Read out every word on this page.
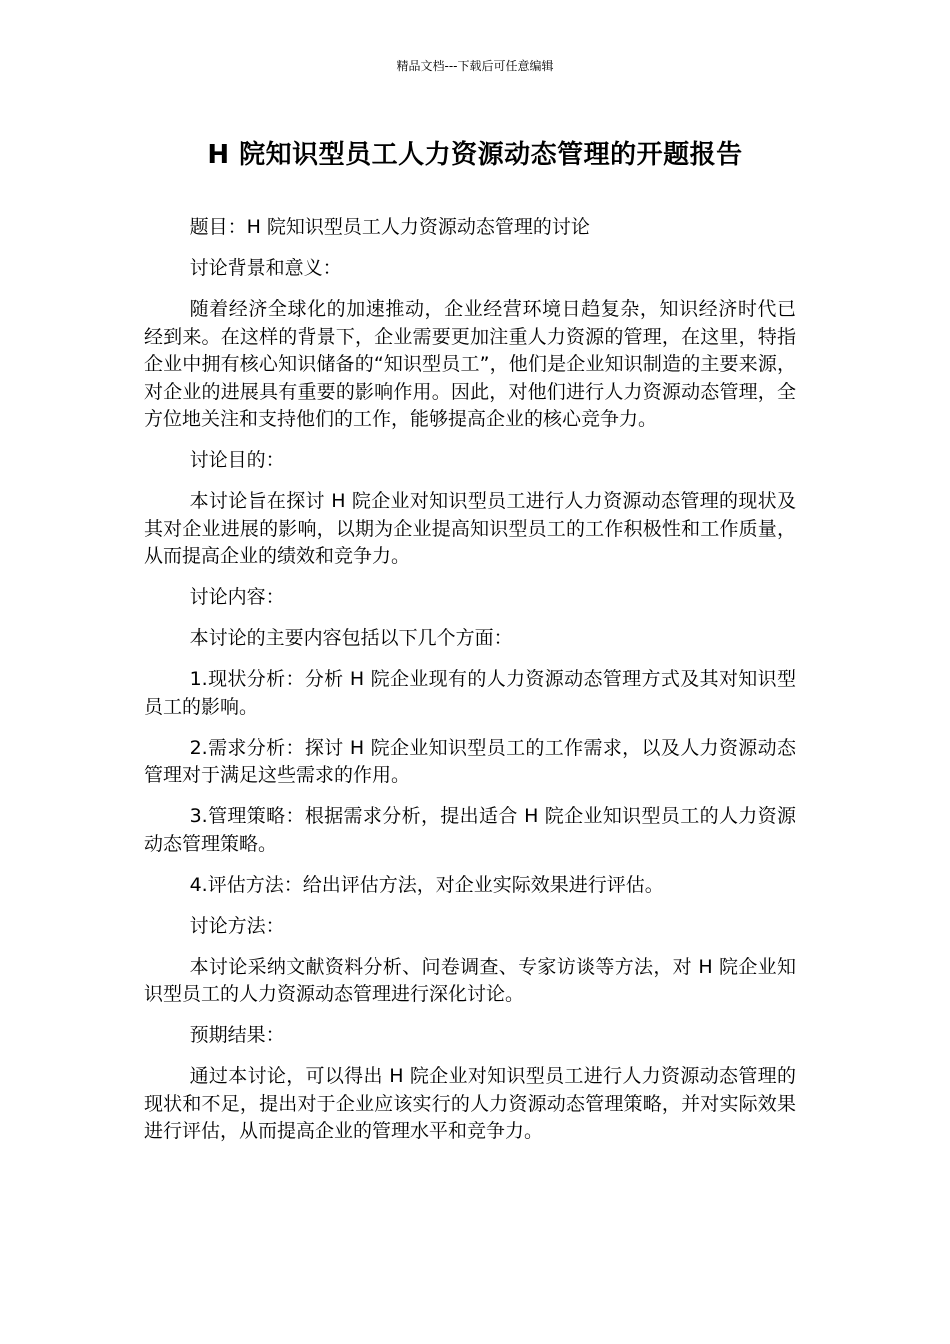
精品文档---下载后可任意编辑
H 院知识型员工人力资源动态管理的开题报告

题目：H 院知识型员工人力资源动态管理的讨论

讨论背景和意义：

随着经济全球化的加速推动，企业经营环境日趋复杂，知识经济时代已经到来。在这样的背景下，企业需要更加注重人力资源的管理，在这里，特指企业中拥有核心知识储备的“知识型员工”，他们是企业知识制造的主要来源，对企业的进展具有重要的影响作用。因此，对他们进行人力资源动态管理，全方位地关注和支持他们的工作，能够提高企业的核心竞争力。

讨论目的：

本讨论旨在探讨 H 院企业对知识型员工进行人力资源动态管理的现状及其对企业进展的影响，以期为企业提高知识型员工的工作积极性和工作质量，从而提高企业的绩效和竞争力。

讨论内容：

本讨论的主要内容包括以下几个方面：

1.现状分析：分析 H 院企业现有的人力资源动态管理方式及其对知识型员工的影响。

2.需求分析：探讨 H 院企业知识型员工的工作需求，以及人力资源动态管理对于满足这些需求的作用。

3.管理策略：根据需求分析，提出适合 H 院企业知识型员工的人力资源动态管理策略。

4.评估方法：给出评估方法，对企业实际效果进行评估。

讨论方法：

本讨论采纳文献资料分析、问卷调查、专家访谈等方法，对 H 院企业知识型员工的人力资源动态管理进行深化讨论。

预期结果：

通过本讨论，可以得出 H 院企业对知识型员工进行人力资源动态管理的现状和不足，提出对于企业应该实行的人力资源动态管理策略，并对实际效果进行评估，从而提高企业的管理水平和竞争力。
